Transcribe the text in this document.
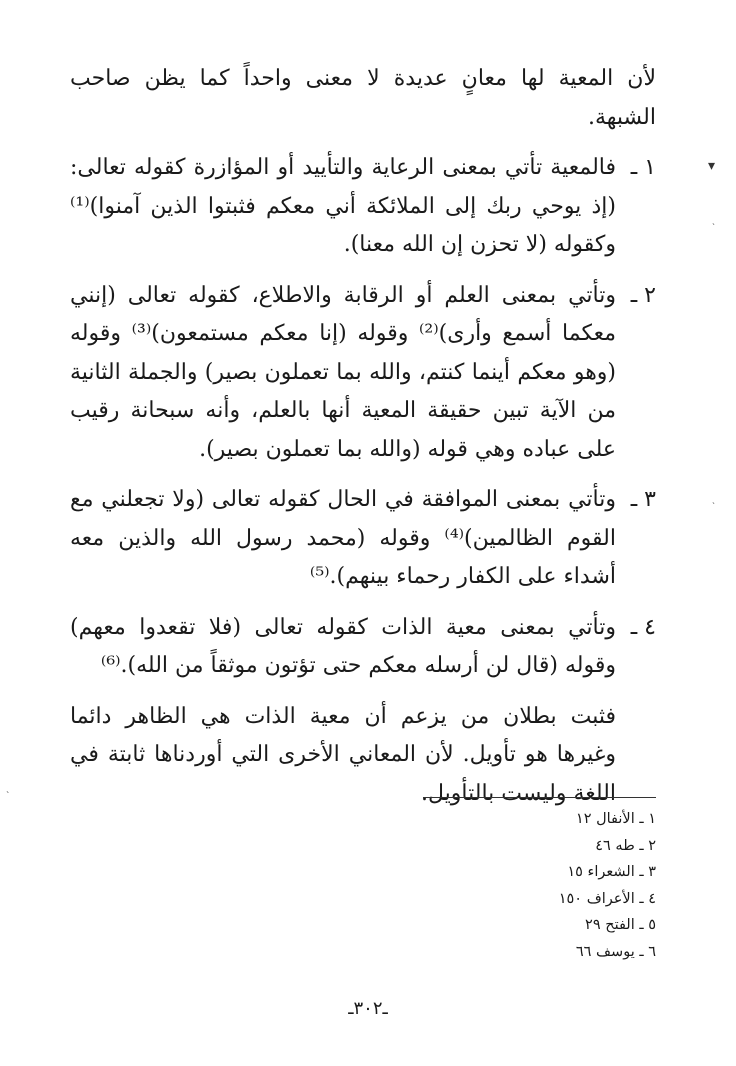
لأن المعية لها معانٍ عديدة لا معنى واحداً كما يظن صاحب الشبهة.

١ ـ
فالمعية تأتي بمعنى الرعاية والتأييد أو المؤازرة كقوله تعالى: (إذ يوحي ربك إلى الملائكة أني معكم فثبتوا الذين آمنوا)⁽¹⁾ وكقوله (لا تحزن إن الله معنا).
٢ ـ
وتأتي بمعنى العلم أو الرقابة والاطلاع، كقوله تعالى (إنني معكما أسمع وأرى)⁽²⁾ وقوله (إنا معكم مستمعون)⁽³⁾ وقوله (وهو معكم أينما كنتم، والله بما تعملون بصير) والجملة الثانية من الآية تبين حقيقة المعية أنها بالعلم، وأنه سبحانة رقيب على عباده وهي قوله (والله بما تعملون بصير).
٣ ـ
وتأتي بمعنى الموافقة في الحال كقوله تعالى (ولا تجعلني مع القوم الظالمين)⁽⁴⁾ وقوله (محمد رسول الله والذين معه أشداء على الكفار رحماء بينهم).⁽⁵⁾
٤ ـ
وتأتي بمعنى معية الذات كقوله تعالى (فلا تقعدوا معهم) وقوله (قال لن أرسله معكم حتى تؤتون موثقاً من الله).⁽⁶⁾

فثبت بطلان من يزعم أن معية الذات هي الظاهر دائما وغيرها هو تأويل. لأن المعاني الأخرى التي أوردناها ثابتة في اللغة وليست بالتأويل.

١ ـ الأنفال ١٢
٢ ـ طه ٤٦
٣ ـ الشعراء ١٥
٤ ـ الأعراف ١٥٠
٥ ـ الفتح ٢٩
٦ ـ يوسف ٦٦
ـ٣٠٢ـ
▾
˴
˴
˴
